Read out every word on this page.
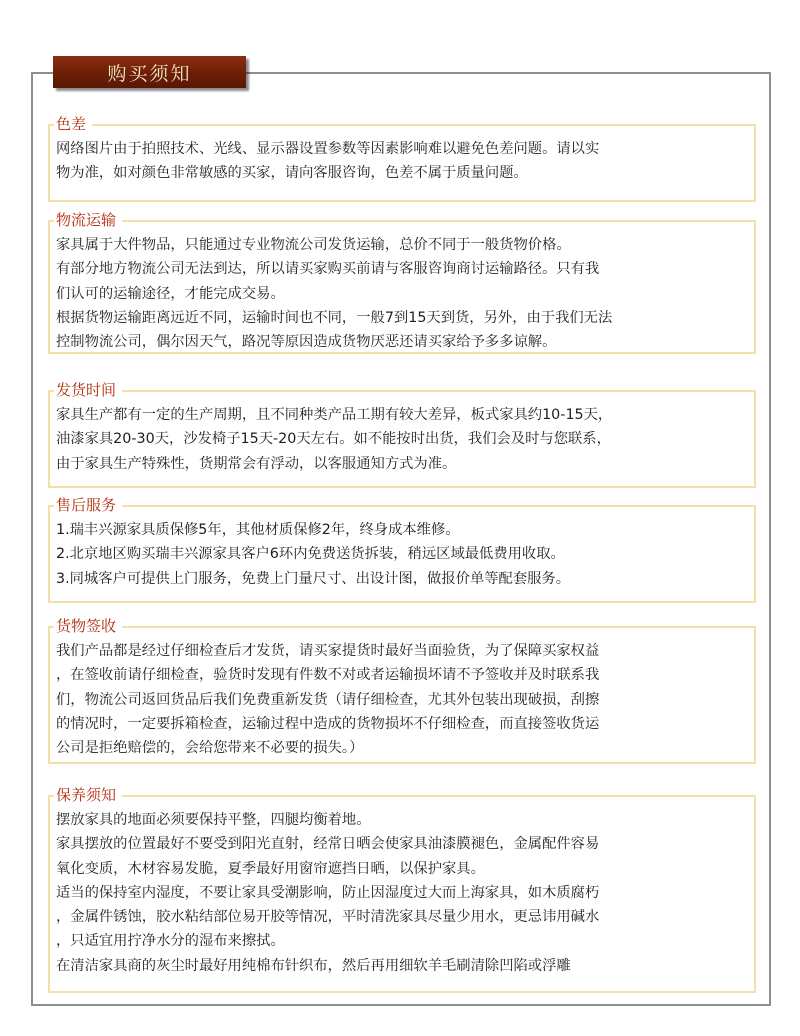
购买须知
色差

网络图片由于拍照技术、光线、显示器设置参数等因素影响难以避免色差问题。请以实

物为准，如对颜色非常敏感的买家，请向客服咨询，色差不属于质量问题。

物流运输

家具属于大件物品，只能通过专业物流公司发货运输，总价不同于一般货物价格。

有部分地方物流公司无法到达，所以请买家购买前请与客服咨询商讨运输路径。只有我

们认可的运输途径，才能完成交易。

根据货物运输距离远近不同，运输时间也不同，一般7到15天到货，另外，由于我们无法

控制物流公司，偶尔因天气，路况等原因造成货物厌恶还请买家给予多多谅解。

发货时间

家具生产都有一定的生产周期，且不同种类产品工期有较大差异，板式家具约10-15天，

油漆家具20-30天，沙发椅子15天-20天左右。如不能按时出货，我们会及时与您联系，

由于家具生产特殊性，货期常会有浮动，以客服通知方式为准。

售后服务

1.瑞丰兴源家具质保修5年，其他材质保修2年，终身成本维修。

2.北京地区购买瑞丰兴源家具客户6环内免费送货拆装，稍远区域最低费用收取。

3.同城客户可提供上门服务，免费上门量尺寸、出设计图，做报价单等配套服务。

货物签收

我们产品都是经过仔细检查后才发货，请买家提货时最好当面验货，为了保障买家权益

，在签收前请仔细检查，验货时发现有件数不对或者运输损坏请不予签收并及时联系我

们，物流公司返回货品后我们免费重新发货（请仔细检查，尤其外包装出现破损，刮擦

的情况时，一定要拆箱检查，运输过程中造成的货物损坏不仔细检查，而直接签收货运

公司是拒绝赔偿的，会给您带来不必要的损失。）

保养须知

摆放家具的地面必须要保持平整，四腿均衡着地。

家具摆放的位置最好不要受到阳光直射，经常日晒会使家具油漆膜褪色，金属配件容易

氧化变质，木材容易发脆，夏季最好用窗帘遮挡日晒，以保护家具。

适当的保持室内湿度，不要让家具受潮影响，防止因湿度过大而上海家具，如木质腐朽

，金属件锈蚀，胶水粘结部位易开胶等情况，平时清洗家具尽量少用水，更忌讳用碱水

，只适宜用拧净水分的湿布来擦拭。

在清洁家具商的灰尘时最好用纯棉布针织布，然后再用细软羊毛刷清除凹陷或浮雕
